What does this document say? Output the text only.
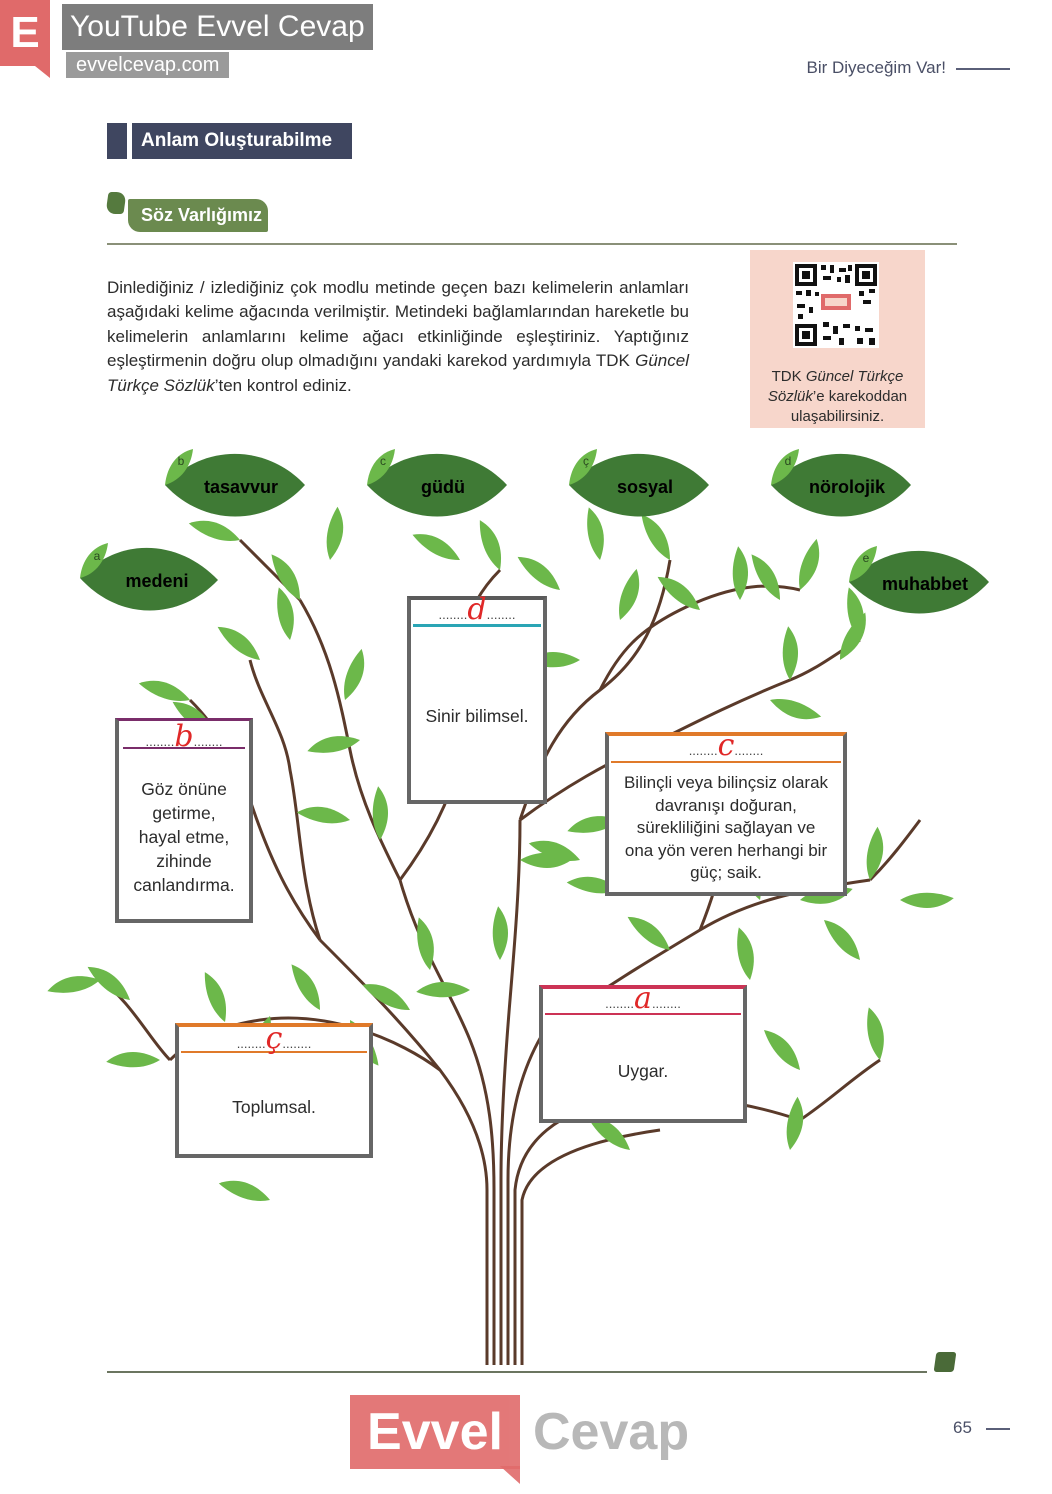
E	YouTube Evvel Cevap
evvelcevap.com	Bir Diyeceğim Var!
Anlam Oluşturabilme
Söz Varlığımız
Dinlediğiniz / izlediğiniz çok modlu metinde geçen bazı kelimelerin anlamları aşağıdaki kelime ağacında verilmiştir. Metindeki bağlamlarından hareketle bu kelimelerin anlamlarını kelime ağacı etkinliğinde eşleştiriniz. Yaptığınız eşleştirmenin doğru olup olmadığını yandaki karekod yardımıyla TDK Güncel Türkçe Sözlük’ten kontrol ediniz.	TDK Güncel Türkçe Sözlük’e karekoddan ulaşabilirsiniz.
a
medeni
b
tasavvur
c
güdü
ç
sosyal
d
nörolojik
e
muhabbet
........b........
Göz önüne getirme, hayal etme, zihinde canlandırma.
........d........
Sinir bilimsel.
........c........
Bilinçli veya bilinçsiz olarak davranışı doğuran, sürekliliğini sağlayan ve ona yön veren herhangi bir güç; saik.
........a........
Uygar.
........ç........
Toplumsal.
Evvel Cevap	65
